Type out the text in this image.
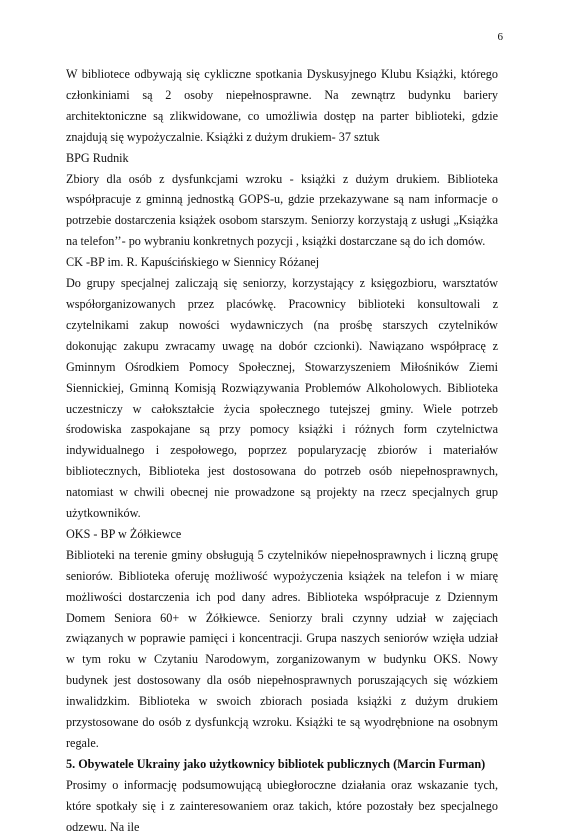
6

W bibliotece odbywają się cykliczne spotkania Dyskusyjnego Klubu Książki, którego członkiniami są 2 osoby niepełnosprawne. Na zewnątrz budynku bariery architektoniczne są zlikwidowane, co umożliwia dostęp na parter biblioteki, gdzie znajdują się wypożyczalnie. Książki z dużym drukiem- 37 sztuk

BPG Rudnik

Zbiory dla osób z dysfunkcjami wzroku - książki z dużym drukiem. Biblioteka współpracuje z gminną jednostką GOPS-u, gdzie przekazywane są nam informacje o potrzebie dostarczenia książek osobom starszym. Seniorzy korzystają z usługi „Książka na telefon’’- po wybraniu konkretnych pozycji , książki dostarczane są do ich domów.

CK -BP im. R. Kapuścińskiego w Siennicy Różanej

Do grupy specjalnej zaliczają się seniorzy, korzystający z księgozbioru, warsztatów współorganizowanych przez placówkę. Pracownicy biblioteki konsultowali z czytelnikami zakup nowości wydawniczych (na prośbę starszych czytelników dokonując zakupu zwracamy uwagę na dobór czcionki). Nawiązano współpracę z Gminnym Ośrodkiem Pomocy Społecznej, Stowarzyszeniem Miłośników Ziemi Siennickiej, Gminną Komisją Rozwiązywania Problemów Alkoholowych. Biblioteka uczestniczy w całokształcie życia społecznego tutejszej gminy. Wiele potrzeb środowiska zaspokajane są przy pomocy książki i różnych form czytelnictwa indywidualnego i zespołowego, poprzez popularyzację zbiorów i materiałów bibliotecznych, Biblioteka jest dostosowana do potrzeb osób niepełnosprawnych, natomiast w chwili obecnej nie prowadzone są projekty na rzecz specjalnych grup użytkowników.

OKS - BP w Żółkiewce

Biblioteki na terenie gminy obsługują 5 czytelników niepełnosprawnych i liczną grupę seniorów. Biblioteka oferuję możliwość wypożyczenia książek na telefon i w miarę możliwości dostarczenia ich pod dany adres. Biblioteka współpracuje z Dziennym Domem Seniora 60+ w Żółkiewce. Seniorzy brali czynny udział w zajęciach związanych w poprawie pamięci i koncentracji. Grupa naszych seniorów wzięła udział w tym roku w Czytaniu Narodowym, zorganizowanym w budynku OKS. Nowy budynek jest dostosowany dla osób niepełnosprawnych poruszających się wózkiem inwalidzkim. Biblioteka w swoich zbiorach posiada książki z dużym drukiem przystosowane do osób z dysfunkcją wzroku. Książki te są wyodrębnione na osobnym regale.

5. Obywatele Ukrainy jako użytkownicy bibliotek publicznych (Marcin Furman)

Prosimy o informację podsumowującą ubiegłoroczne działania oraz wskazanie tych, które spotkały się i z zainteresowaniem oraz takich, które pozostały bez specjalnego odzewu. Na ile
